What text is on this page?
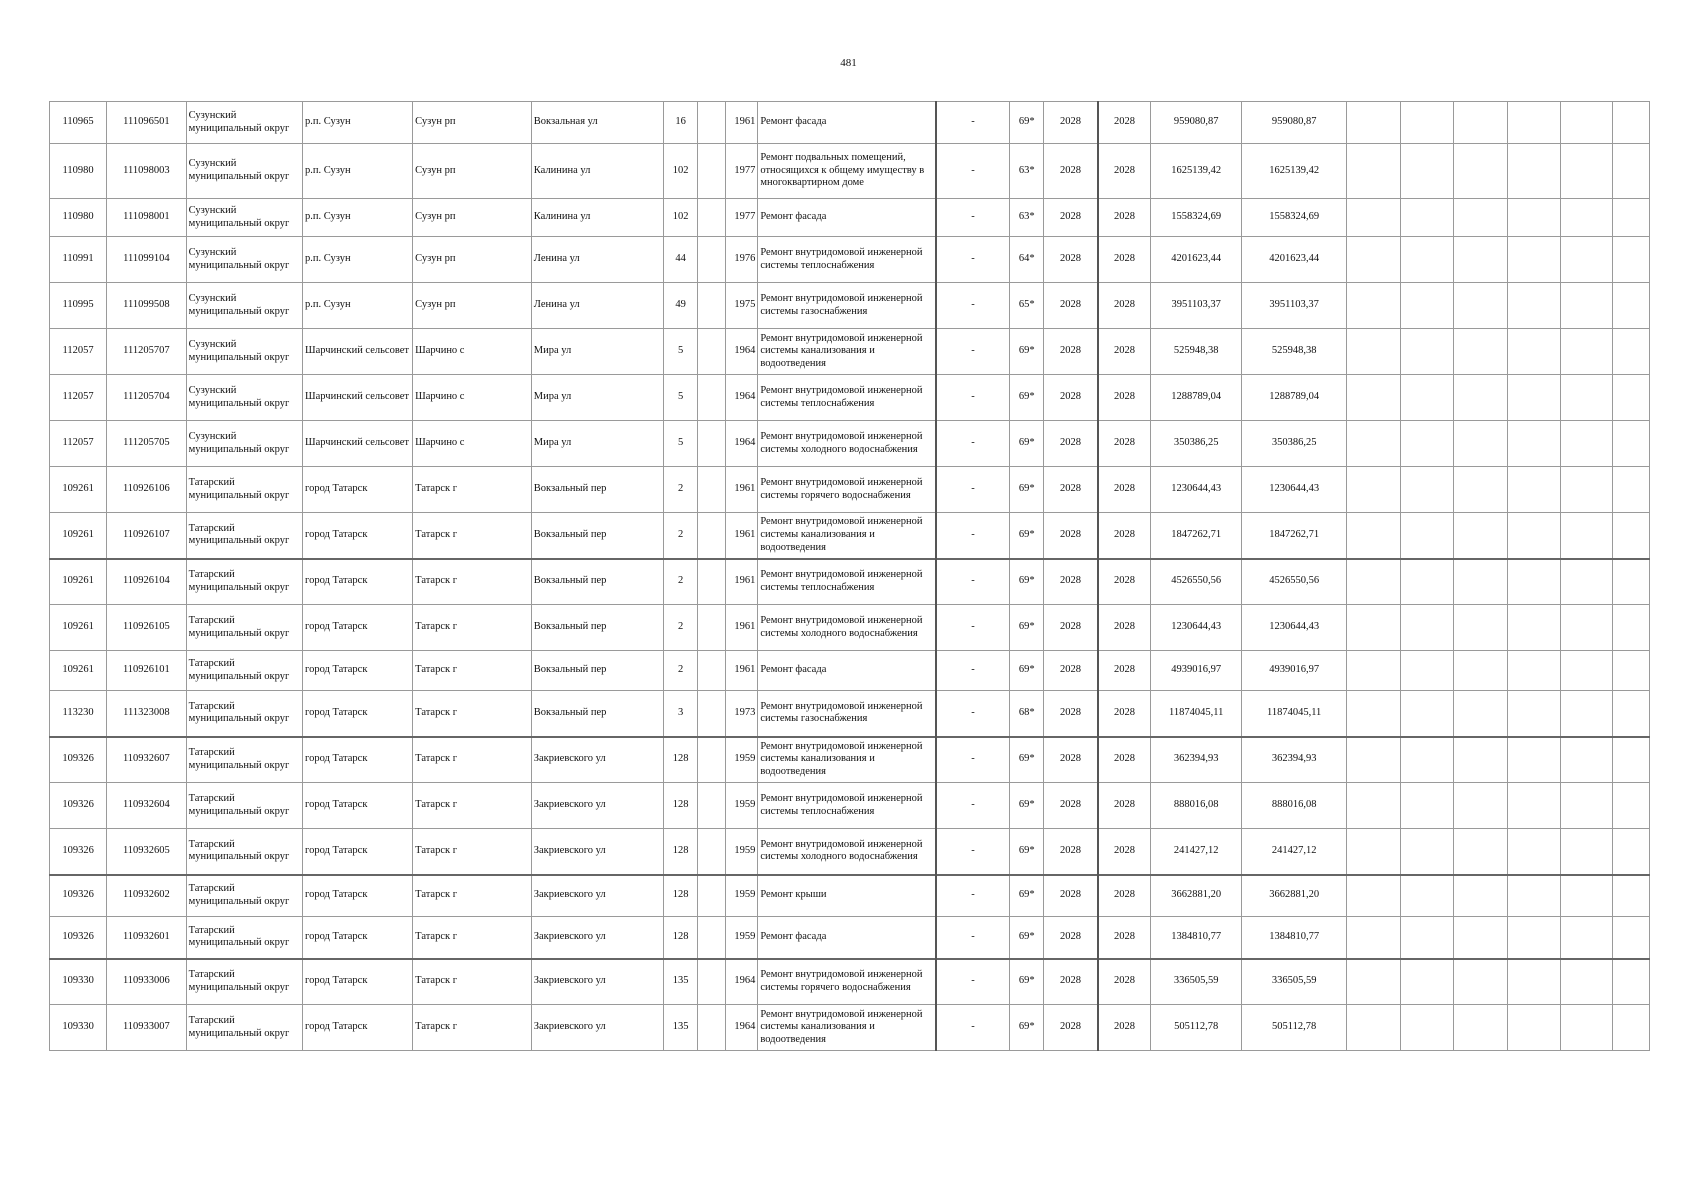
481
110965	111096501	Сузунский муниципальный округ	р.п. Сузун	Сузун рп	Вокзальная ул	16		1961	Ремонт фасада	-	69*	2028	2028	959080,87	959080,87						
110980	111098003	Сузунский муниципальный округ	р.п. Сузун	Сузун рп	Калинина ул	102		1977	Ремонт подвальных помещений, относящихся к общему имуществу в многоквартирном доме	-	63*	2028	2028	1625139,42	1625139,42						
110980	111098001	Сузунский муниципальный округ	р.п. Сузун	Сузун рп	Калинина ул	102		1977	Ремонт фасада	-	63*	2028	2028	1558324,69	1558324,69						
110991	111099104	Сузунский муниципальный округ	р.п. Сузун	Сузун рп	Ленина ул	44		1976	Ремонт внутридомовой инженерной системы теплоснабжения	-	64*	2028	2028	4201623,44	4201623,44						
110995	111099508	Сузунский муниципальный округ	р.п. Сузун	Сузун рп	Ленина ул	49		1975	Ремонт внутридомовой инженерной системы газоснабжения	-	65*	2028	2028	3951103,37	3951103,37						
112057	111205707	Сузунский муниципальный округ	Шарчинский сельсовет	Шарчино с	Мира ул	5		1964	Ремонт внутридомовой инженерной системы канализования и водоотведения	-	69*	2028	2028	525948,38	525948,38						
112057	111205704	Сузунский муниципальный округ	Шарчинский сельсовет	Шарчино с	Мира ул	5		1964	Ремонт внутридомовой инженерной системы теплоснабжения	-	69*	2028	2028	1288789,04	1288789,04						
112057	111205705	Сузунский муниципальный округ	Шарчинский сельсовет	Шарчино с	Мира ул	5		1964	Ремонт внутридомовой инженерной системы холодного водоснабжения	-	69*	2028	2028	350386,25	350386,25						
109261	110926106	Татарский муниципальный округ	город Татарск	Татарск г	Вокзальный пер	2		1961	Ремонт внутридомовой инженерной системы горячего водоснабжения	-	69*	2028	2028	1230644,43	1230644,43						
109261	110926107	Татарский муниципальный округ	город Татарск	Татарск г	Вокзальный пер	2		1961	Ремонт внутридомовой инженерной системы канализования и водоотведения	-	69*	2028	2028	1847262,71	1847262,71						
109261	110926104	Татарский муниципальный округ	город Татарск	Татарск г	Вокзальный пер	2		1961	Ремонт внутридомовой инженерной системы теплоснабжения	-	69*	2028	2028	4526550,56	4526550,56						
109261	110926105	Татарский муниципальный округ	город Татарск	Татарск г	Вокзальный пер	2		1961	Ремонт внутридомовой инженерной системы холодного водоснабжения	-	69*	2028	2028	1230644,43	1230644,43						
109261	110926101	Татарский муниципальный округ	город Татарск	Татарск г	Вокзальный пер	2		1961	Ремонт фасада	-	69*	2028	2028	4939016,97	4939016,97						
113230	111323008	Татарский муниципальный округ	город Татарск	Татарск г	Вокзальный пер	3		1973	Ремонт внутридомовой инженерной системы газоснабжения	-	68*	2028	2028	11874045,11	11874045,11						
109326	110932607	Татарский муниципальный округ	город Татарск	Татарск г	Закриевского ул	128		1959	Ремонт внутридомовой инженерной системы канализования и водоотведения	-	69*	2028	2028	362394,93	362394,93						
109326	110932604	Татарский муниципальный округ	город Татарск	Татарск г	Закриевского ул	128		1959	Ремонт внутридомовой инженерной системы теплоснабжения	-	69*	2028	2028	888016,08	888016,08						
109326	110932605	Татарский муниципальный округ	город Татарск	Татарск г	Закриевского ул	128		1959	Ремонт внутридомовой инженерной системы холодного водоснабжения	-	69*	2028	2028	241427,12	241427,12						
109326	110932602	Татарский муниципальный округ	город Татарск	Татарск г	Закриевского ул	128		1959	Ремонт крыши	-	69*	2028	2028	3662881,20	3662881,20						
109326	110932601	Татарский муниципальный округ	город Татарск	Татарск г	Закриевского ул	128		1959	Ремонт фасада	-	69*	2028	2028	1384810,77	1384810,77						
109330	110933006	Татарский муниципальный округ	город Татарск	Татарск г	Закриевского ул	135		1964	Ремонт внутридомовой инженерной системы горячего водоснабжения	-	69*	2028	2028	336505,59	336505,59						
109330	110933007	Татарский муниципальный округ	город Татарск	Татарск г	Закриевского ул	135		1964	Ремонт внутридомовой инженерной системы канализования и водоотведения	-	69*	2028	2028	505112,78	505112,78						
